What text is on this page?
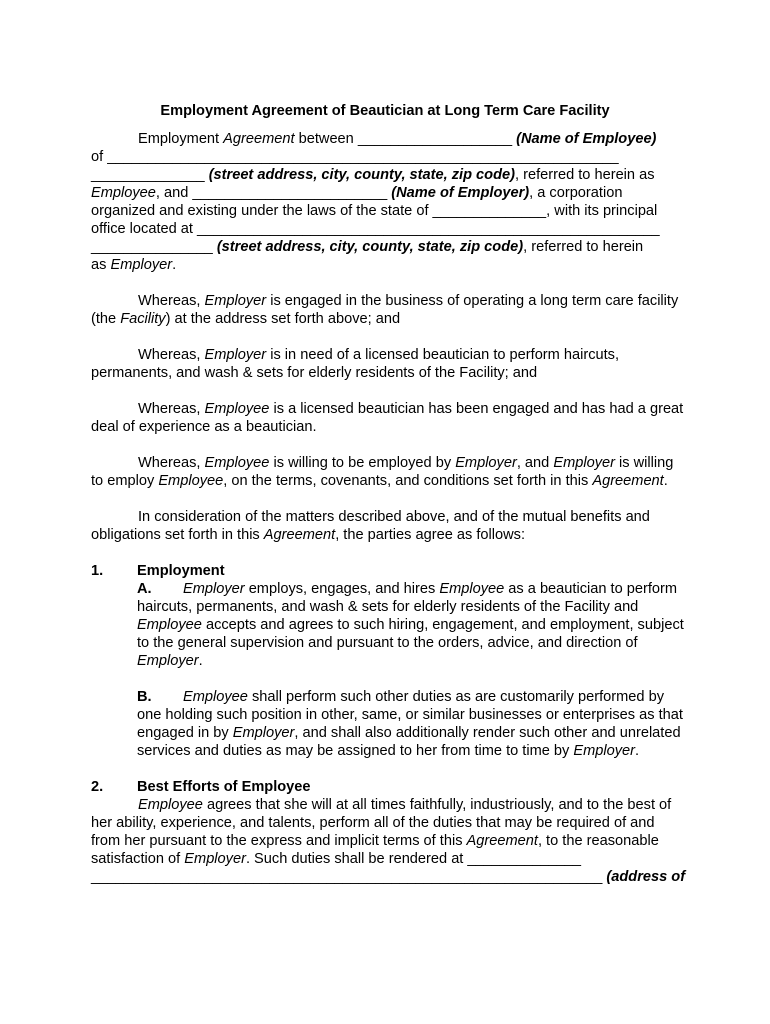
Employment Agreement of Beautician at Long Term Care Facility

Employment Agreement between ___________________ (Name of Employee)

of _______________________________________________________________

______________ (street address, city, county, state, zip code), referred to herein as

Employee, and ________________________ (Name of Employer), a corporation

organized and existing under the laws of the state of ______________, with its principal

office located at _________________________________________________________

_______________ (street address, city, county, state, zip code), referred to herein

as Employer.

Whereas, Employer is engaged in the business of operating a long term care facility (the Facility) at the address set forth above; and

Whereas, Employer is in need of a licensed beautician to perform haircuts, permanents, and wash & sets for elderly residents of the Facility; and

Whereas, Employee is a licensed beautician has been engaged and has had a great deal of experience as a beautician.

Whereas, Employee is willing to be employed by Employer, and Employer is willing to employ Employee, on the terms, covenants, and conditions set forth in this Agreement.

In consideration of the matters described above, and of the mutual benefits and obligations set forth in this Agreement, the parties agree as follows:

1.	Employment

A. Employer employs, engages, and hires Employee as a beautician to perform haircuts, permanents, and wash & sets for elderly residents of the Facility and Employee accepts and agrees to such hiring, engagement, and employment, subject to the general supervision and pursuant to the orders, advice, and direction of Employer.

B. Employee shall perform such other duties as are customarily performed by one holding such position in other, same, or similar businesses or enterprises as that engaged in by Employer, and shall also additionally render such other and unrelated services and duties as may be assigned to her from time to time by Employer.

2.	Best Efforts of Employee

Employee agrees that she will at all times faithfully, industriously, and to the best of her ability, experience, and talents, perform all of the duties that may be required of and from her pursuant to the express and implicit terms of this Agreement, to the reasonable satisfaction of Employer. Such duties shall be rendered at ______________

_______________________________________________________________ (address of
